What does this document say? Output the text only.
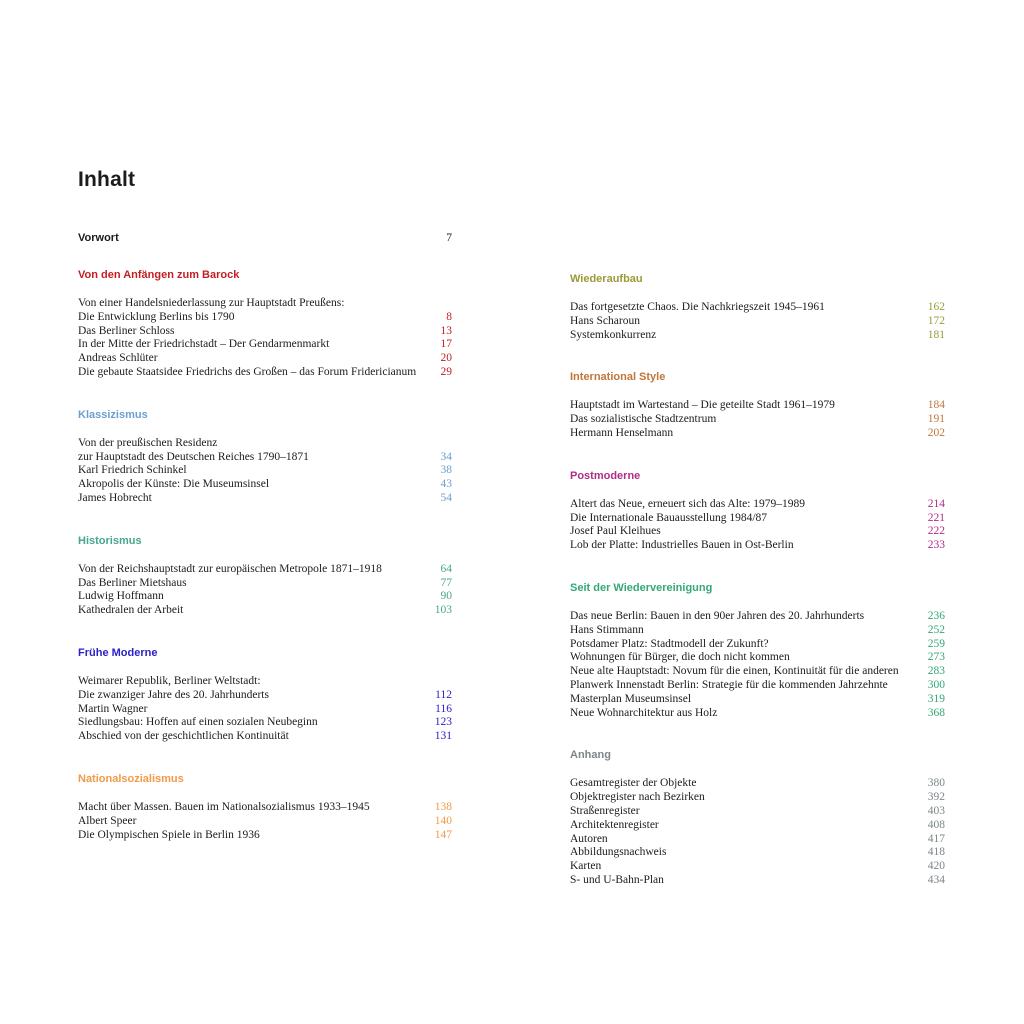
Inhalt
Vorwort	7
Von den Anfängen zum Barock
Von einer Handelsniederlassung zur Hauptstadt Preußens:
Die Entwicklung Berlins bis 1790	8
Das Berliner Schloss	13
In der Mitte der Friedrichstadt – Der Gendarmenmarkt	17
Andreas Schlüter	20
Die gebaute Staatsidee Friedrichs des Großen – das Forum Fridericianum	29
Klassizismus
Von der preußischen Residenz
zur Hauptstadt des Deutschen Reiches 1790–1871	34
Karl Friedrich Schinkel	38
Akropolis der Künste: Die Museumsinsel	43
James Hobrecht	54
Historismus
Von der Reichshauptstadt zur europäischen Metropole 1871–1918	64
Das Berliner Mietshaus	77
Ludwig Hoffmann	90
Kathedralen der Arbeit	103
Frühe Moderne
Weimarer Republik, Berliner Weltstadt:
Die zwanziger Jahre des 20. Jahrhunderts	112
Martin Wagner	116
Siedlungsbau: Hoffen auf einen sozialen Neubeginn	123
Abschied von der geschichtlichen Kontinuität	131
Nationalsozialismus
Macht über Massen. Bauen im Nationalsozialismus 1933–1945	138
Albert Speer	140
Die Olympischen Spiele in Berlin 1936	147
Wiederaufbau
Das fortgesetzte Chaos. Die Nachkriegszeit 1945–1961	162
Hans Scharoun	172
Systemkonkurrenz	181
International Style
Hauptstadt im Wartestand – Die geteilte Stadt 1961–1979	184
Das sozialistische Stadtzentrum	191
Hermann Henselmann	202
Postmoderne
Altert das Neue, erneuert sich das Alte: 1979–1989	214
Die Internationale Bauausstellung 1984/87	221
Josef Paul Kleihues	222
Lob der Platte: Industrielles Bauen in Ost-Berlin	233
Seit der Wiedervereinigung
Das neue Berlin: Bauen in den 90er Jahren des 20. Jahrhunderts	236
Hans Stimmann	252
Potsdamer Platz: Stadtmodell der Zukunft?	259
Wohnungen für Bürger, die doch nicht kommen	273
Neue alte Hauptstadt: Novum für die einen, Kontinuität für die anderen	283
Planwerk Innenstadt Berlin: Strategie für die kommenden Jahrzehnte	300
Masterplan Museumsinsel	319
Neue Wohnarchitektur aus Holz	368
Anhang
Gesamtregister der Objekte	380
Objektregister nach Bezirken	392
Straßenregister	403
Architektenregister	408
Autoren	417
Abbildungsnachweis	418
Karten	420
S- und U-Bahn-Plan	434
